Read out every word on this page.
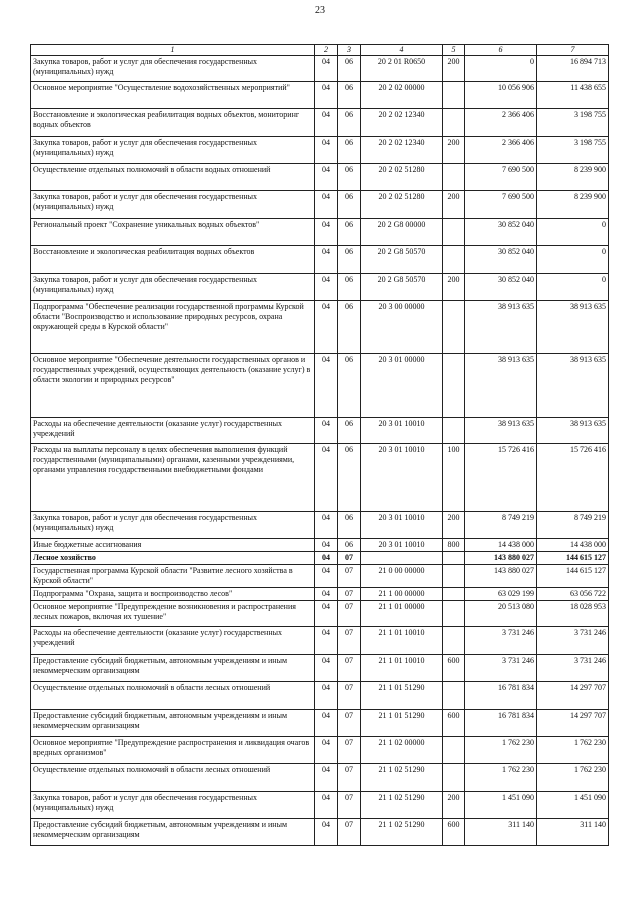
23
1	2	3	4	5	6	7
Закупка товаров, работ и услуг для обеспечения государственных (муниципальных) нужд	04	06	20 2 01 R0650	200	0	16 894 713
Основное мероприятие "Осуществление водохозяйственных мероприятий"	04	06	20 2 02 00000		10 056 906	11 438 655
Восстановление и экологическая реабилитация водных объектов, мониторинг водных объектов	04	06	20 2 02 12340		2 366 406	3 198 755
Закупка товаров, работ и услуг для обеспечения государственных (муниципальных) нужд	04	06	20 2 02 12340	200	2 366 406	3 198 755
Осуществление отдельных полномочий в области водных отношений	04	06	20 2 02 51280		7 690 500	8 239 900
Закупка товаров, работ и услуг для обеспечения государственных (муниципальных) нужд	04	06	20 2 02 51280	200	7 690 500	8 239 900
Региональный проект "Сохранение уникальных водных объектов"	04	06	20 2 G8 00000		30 852 040	0
Восстановление и экологическая реабилитация водных объектов	04	06	20 2 G8 50570		30 852 040	0
Закупка товаров, работ и услуг для обеспечения государственных (муниципальных) нужд	04	06	20 2 G8 50570	200	30 852 040	0
Подпрограмма "Обеспечение реализации государственной программы Курской области "Воспроизводство и использование природных ресурсов, охрана окружающей среды в Курской области"	04	06	20 3 00 00000		38 913 635	38 913 635
Основное мероприятие "Обеспечение деятельности государственных органов и государственных учреждений, осуществляющих деятельность (оказание услуг) в области экологии и природных ресурсов"	04	06	20 3 01 00000		38 913 635	38 913 635
Расходы на обеспечение деятельности (оказание услуг) государственных учреждений	04	06	20 3 01 10010		38 913 635	38 913 635
Расходы на выплаты персоналу в целях обеспечения выполнения функций государственными (муниципальными) органами, казенными учреждениями, органами управления государственными внебюджетными фондами	04	06	20 3 01 10010	100	15 726 416	15 726 416
Закупка товаров, работ и услуг для обеспечения государственных (муниципальных) нужд	04	06	20 3 01 10010	200	8 749 219	8 749 219
Иные бюджетные ассигнования	04	06	20 3 01 10010	800	14 438 000	14 438 000
Лесное хозяйство	04	07			143 880 027	144 615 127
Государственная программа Курской области "Развитие лесного хозяйства в Курской области"	04	07	21 0 00 00000		143 880 027	144 615 127
Подпрограмма "Охрана, защита и воспроизводство лесов"	04	07	21 1 00 00000		63 029 199	63 056 722
Основное мероприятие "Предупреждение возникновения и распространения лесных пожаров, включая их тушение"	04	07	21 1 01 00000		20 513 080	18 028 953
Расходы на обеспечение деятельности (оказание услуг) государственных учреждений	04	07	21 1 01 10010		3 731 246	3 731 246
Предоставление субсидий бюджетным, автономным учреждениям и иным некоммерческим организациям	04	07	21 1 01 10010	600	3 731 246	3 731 246
Осуществление отдельных полномочий в области лесных отношений	04	07	21 1 01 51290		16 781 834	14 297 707
Предоставление субсидий бюджетным, автономным учреждениям и иным некоммерческим организациям	04	07	21 1 01 51290	600	16 781 834	14 297 707
Основное мероприятие "Предупреждение распространения и ликвидация очагов вредных организмов"	04	07	21 1 02 00000		1 762 230	1 762 230
Осуществление отдельных полномочий в области лесных отношений	04	07	21 1 02 51290		1 762 230	1 762 230
Закупка товаров, работ и услуг для обеспечения государственных (муниципальных) нужд	04	07	21 1 02 51290	200	1 451 090	1 451 090
Предоставление субсидий бюджетным, автономным учреждениям и иным некоммерческим организациям	04	07	21 1 02 51290	600	311 140	311 140
